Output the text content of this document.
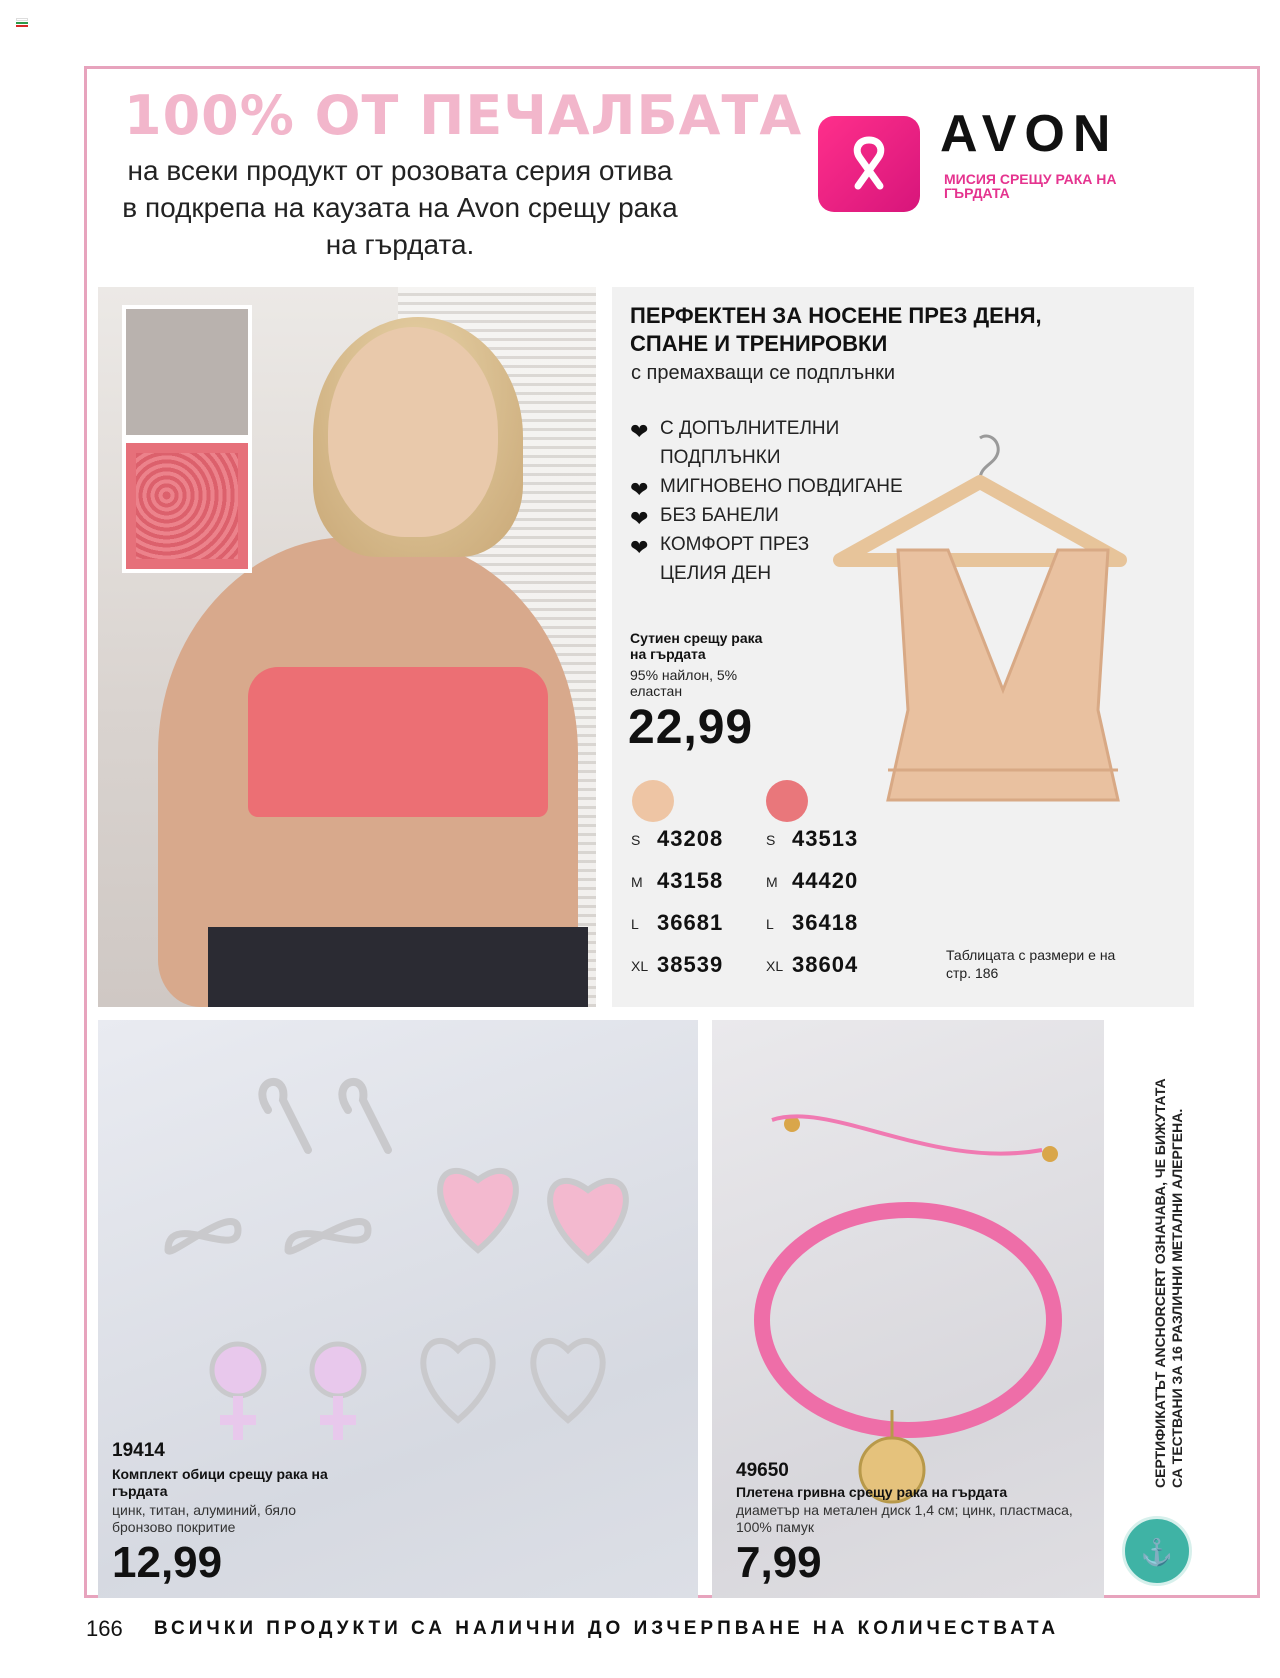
100% ОТ ПЕЧАЛБАТА
на всеки продукт от розовата серия отива в подкрепа на каузата на Avon срещу рака на гърдата.
AVON
МИСИЯ СРЕЩУ РАКА НА ГЪРДАТА
ПЕРФЕКТЕН ЗА НОСЕНЕ ПРЕЗ ДЕНЯ,
СПАНЕ И ТРЕНИРОВКИ
с премахващи се подплънки
❤ С ДОПЪЛНИТЕЛНИ
ПОДПЛЪНКИ
❤ МИГНОВЕНО ПОВДИГАНЕ
❤ БЕЗ БАНЕЛИ
❤ КОМФОРТ ПРЕЗ
ЦЕЛИЯ ДЕН
Сутиен срещу рака на гърдата
95% найлон, 5% еластан
22,99
S 43208
M 43158
L 36681
XL 38539
S 43513
M 44420
L 36418
XL 38604	Таблицата с размери е на стр. 186
19414
Комплект обици срещу рака на гърдата
цинк, титан, алуминий, бяло бронзово покритие
12,99
49650
Плетена гривна срещу рака на гърдата
диаметър на метален диск 1,4 см; цинк, пластмаса, 100% памук
7,99
СЕРТИФИКАТЪТ ANCHORCERT ОЗНАЧАВА, ЧЕ БИЖУТАТА СА ТЕСТВАНИ ЗА 16 РАЗЛИЧНИ МЕТАЛНИ АЛЕРГЕНА.
⚓
166 ВСИЧКИ ПРОДУКТИ СА НАЛИЧНИ ДО ИЗЧЕРПВАНЕ НА КОЛИЧЕСТВАТА
